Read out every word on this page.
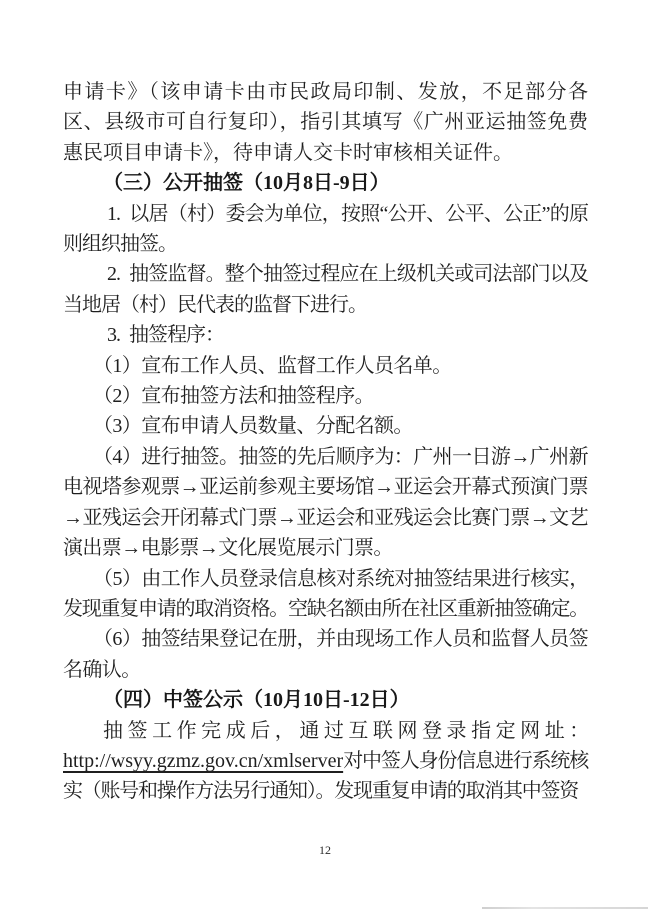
申请卡》（该申请卡由市民政局印制、发放，不足部分各区、县级市可自行复印），指引其填写《广州亚运抽签免费惠民项目申请卡》，待申请人交卡时审核相关证件。

（三）公开抽签（10月8日-9日）

1. 以居（村）委会为单位，按照“公开、公平、公正”的原则组织抽签。

2. 抽签监督。整个抽签过程应在上级机关或司法部门以及当地居（村）民代表的监督下进行。

3. 抽签程序：

（1）宣布工作人员、监督工作人员名单。

（2）宣布抽签方法和抽签程序。

（3）宣布申请人员数量、分配名额。

（4）进行抽签。抽签的先后顺序为：广州一日游→广州新电视塔参观票→亚运前参观主要场馆→亚运会开幕式预演门票→亚残运会开闭幕式门票→亚运会和亚残运会比赛门票→文艺演出票→电影票→文化展览展示门票。

（5）由工作人员登录信息核对系统对抽签结果进行核实，发现重复申请的取消资格。空缺名额由所在社区重新抽签确定。

（6）抽签结果登记在册，并由现场工作人员和监督人员签名确认。

（四）中签公示（10月10日-12日）

抽签工作完成后，通过互联网登录指定网址：http://wsyy.gzmz.gov.cn/xmlserver对中签人身份信息进行系统核实（账号和操作方法另行通知）。发现重复申请的取消其中签资

12
